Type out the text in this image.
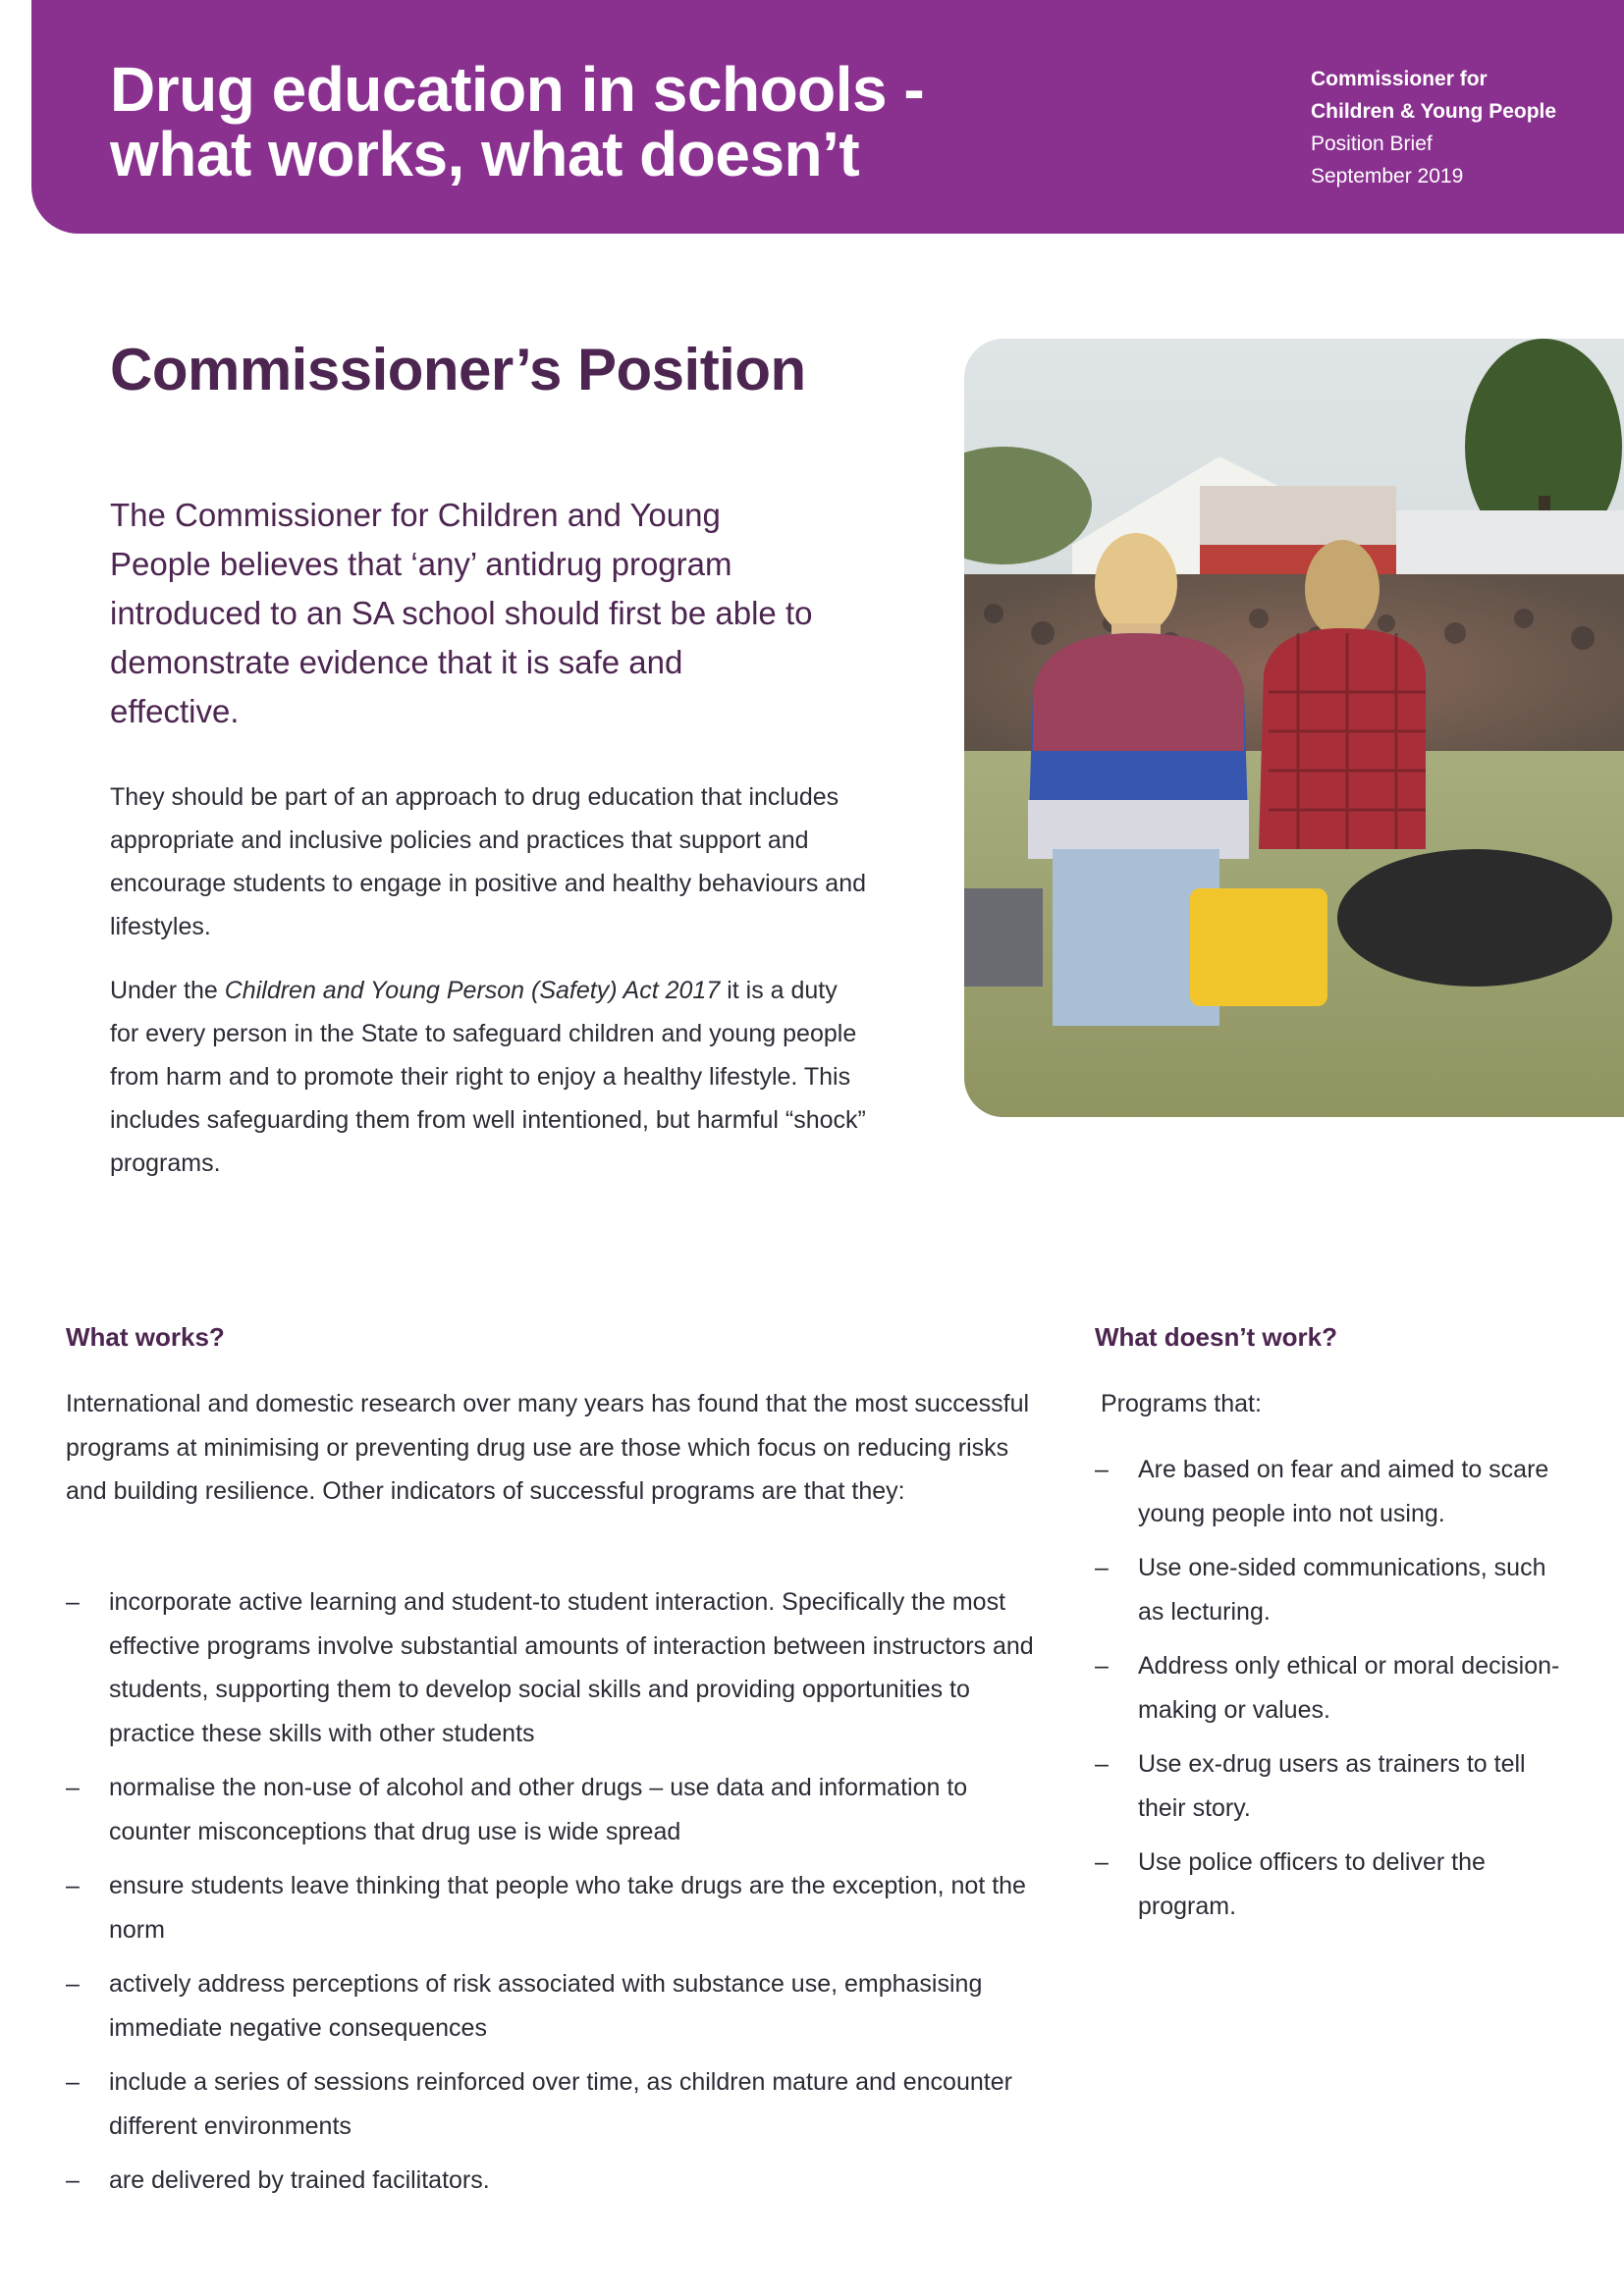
Drug education in schools -
what works, what doesn’t
Commissioner for
Children & Young People
Position Brief
September 2019
Commissioner’s Position

The Commissioner for Children and Young People believes that ‘any’ antidrug program introduced to an SA school should first be able to demonstrate evidence that it is safe and effective.

They should be part of an approach to drug education that includes appropriate and inclusive policies and practices that support and encourage students to engage in positive and healthy behaviours and lifestyles.

Under the Children and Young Person (Safety) Act 2017 it is a duty for every person in the State to safeguard children and young people from harm and to promote their right to enjoy a healthy lifestyle. This includes safeguarding them from well intentioned, but harmful “shock” programs.

What works?

International and domestic research over many years has found that the most successful programs at minimising or preventing drug use are those which focus on reducing risks and building resilience. Other indicators of successful programs are that they:

– incorporate active learning and student-to student interaction. Specifically the most effective programs involve substantial amounts of interaction between instructors and students, supporting them to develop social skills and providing opportunities to practice these skills with other students
– normalise the non-use of alcohol and other drugs – use data and information to counter misconceptions that drug use is wide spread
– ensure students leave thinking that people who take drugs are the exception, not the norm
– actively address perceptions of risk associated with substance use, emphasising immediate negative consequences
– include a series of sessions reinforced over time, as children mature and encounter different environments
– are delivered by trained facilitators.
What doesn’t work?

Programs that:

– Are based on fear and aimed to scare young people into not using.
– Use one-sided communications, such as lecturing.
– Address only ethical or moral decision-making or values.
– Use ex-drug users as trainers to tell their story.
– Use police officers to deliver the program.
